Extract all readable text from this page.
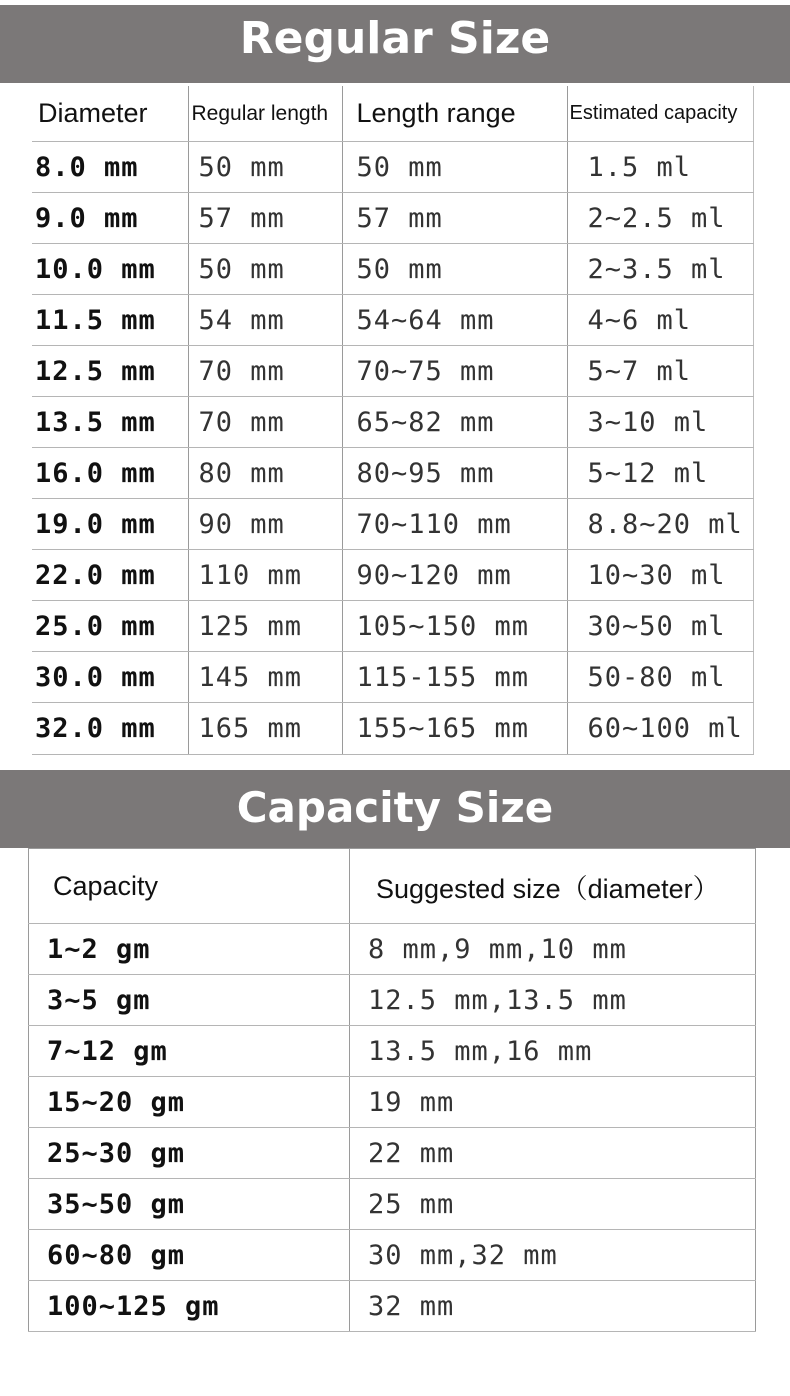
Regular Size
Diameter	Regular length	Length range	Estimated capacity
8.0 mm	50 mm	50 mm	1.5 ml
9.0 mm	57 mm	57 mm	2~2.5 ml
10.0 mm	50 mm	50 mm	2~3.5 ml
11.5 mm	54 mm	54~64 mm	4~6 ml
12.5 mm	70 mm	70~75 mm	5~7 ml
13.5 mm	70 mm	65~82 mm	3~10 ml
16.0 mm	80 mm	80~95 mm	5~12 ml
19.0 mm	90 mm	70~110 mm	8.8~20 ml
22.0 mm	110 mm	90~120 mm	10~30 ml
25.0 mm	125 mm	105~150 mm	30~50 ml
30.0 mm	145 mm	115-155 mm	50-80 ml
32.0 mm	165 mm	155~165 mm	60~100 ml
Capacity Size
Capacity	Suggested size（diameter）
1~2 gm	8 mm,9 mm,10 mm
3~5 gm	12.5 mm,13.5 mm
7~12 gm	13.5 mm,16 mm
15~20 gm	19 mm
25~30 gm	22 mm
35~50 gm	25 mm
60~80 gm	30 mm,32 mm
100~125 gm	32 mm
